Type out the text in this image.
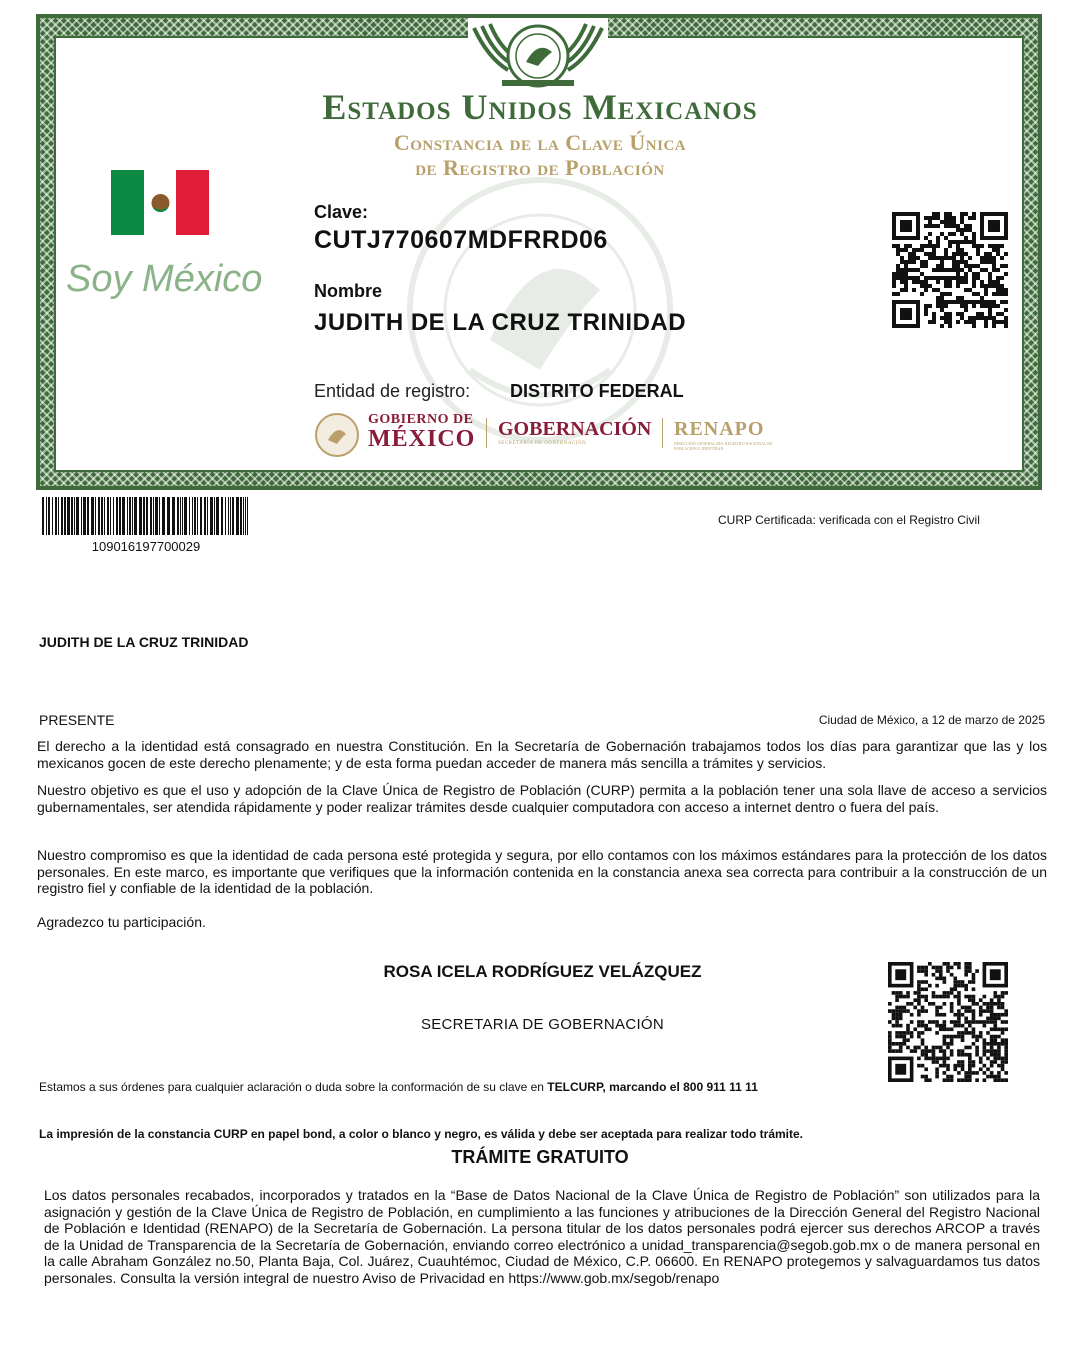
Estados Unidos Mexicanos
Constancia de la Clave Única
de Registro de Población
Soy México
Clave:
CUTJ770607MDFRRD06
Nombre
JUDITH DE LA CRUZ TRINIDAD
Entidad de registro: DISTRITO FEDERAL
GOBIERNO DE
MÉXICO GOBERNACIÓN
SECRETARÍA DE GOBERNACIÓN
RENAPO
DIRECCIÓN GENERAL DEL REGISTRO NACIONAL DE POBLACIÓN E IDENTIDAD
109016197700029
CURP Certificada: verificada con el Registro Civil
JUDITH DE LA CRUZ TRINIDAD
PRESENTE	Ciudad de México, a 12 de marzo de 2025
El derecho a la identidad está consagrado en nuestra Constitución. En la Secretaría de Gobernación trabajamos todos los días para garantizar que las y los mexicanos gocen de este derecho plenamente; y de esta forma puedan acceder de manera más sencilla a trámites y servicios.
Nuestro objetivo es que el uso y adopción de la Clave Única de Registro de Población (CURP) permita a la población tener una sola llave de acceso a servicios gubernamentales, ser atendida rápidamente y poder realizar trámites desde cualquier computadora con acceso a internet dentro o fuera del país.
Nuestro compromiso es que la identidad de cada persona esté protegida y segura, por ello contamos con los máximos estándares para la protección de los datos personales. En este marco, es importante que verifiques que la información contenida en la constancia anexa sea correcta para contribuir a la construcción de un registro fiel y confiable de la identidad de la población.
Agradezco tu participación.
ROSA ICELA RODRÍGUEZ VELÁZQUEZ
SECRETARIA DE GOBERNACIÓN
Estamos a sus órdenes para cualquier aclaración o duda sobre la conformación de su clave en TELCURP, marcando el 800 911 11 11
La impresión de la constancia CURP en papel bond, a color o blanco y negro, es válida y debe ser aceptada para realizar todo trámite.
TRÁMITE GRATUITO
Los datos personales recabados, incorporados y tratados en la “Base de Datos Nacional de la Clave Única de Registro de Población” son utilizados para la asignación y gestión de la Clave Única de Registro de Población, en cumplimiento a las funciones y atribuciones de la Dirección General del Registro Nacional de Población e Identidad (RENAPO) de la Secretaría de Gobernación. La persona titular de los datos personales podrá ejercer sus derechos ARCOP a través de la Unidad de Transparencia de la Secretaría de Gobernación, enviando correo electrónico a unidad_transparencia@segob.gob.mx o de manera personal en la calle Abraham González no.50, Planta Baja, Col. Juárez, Cuauhtémoc, Ciudad de México, C.P. 06600. En RENAPO protegemos y salvaguardamos tus datos personales. Consulta la versión integral de nuestro Aviso de Privacidad en https://www.gob.mx/segob/renapo
